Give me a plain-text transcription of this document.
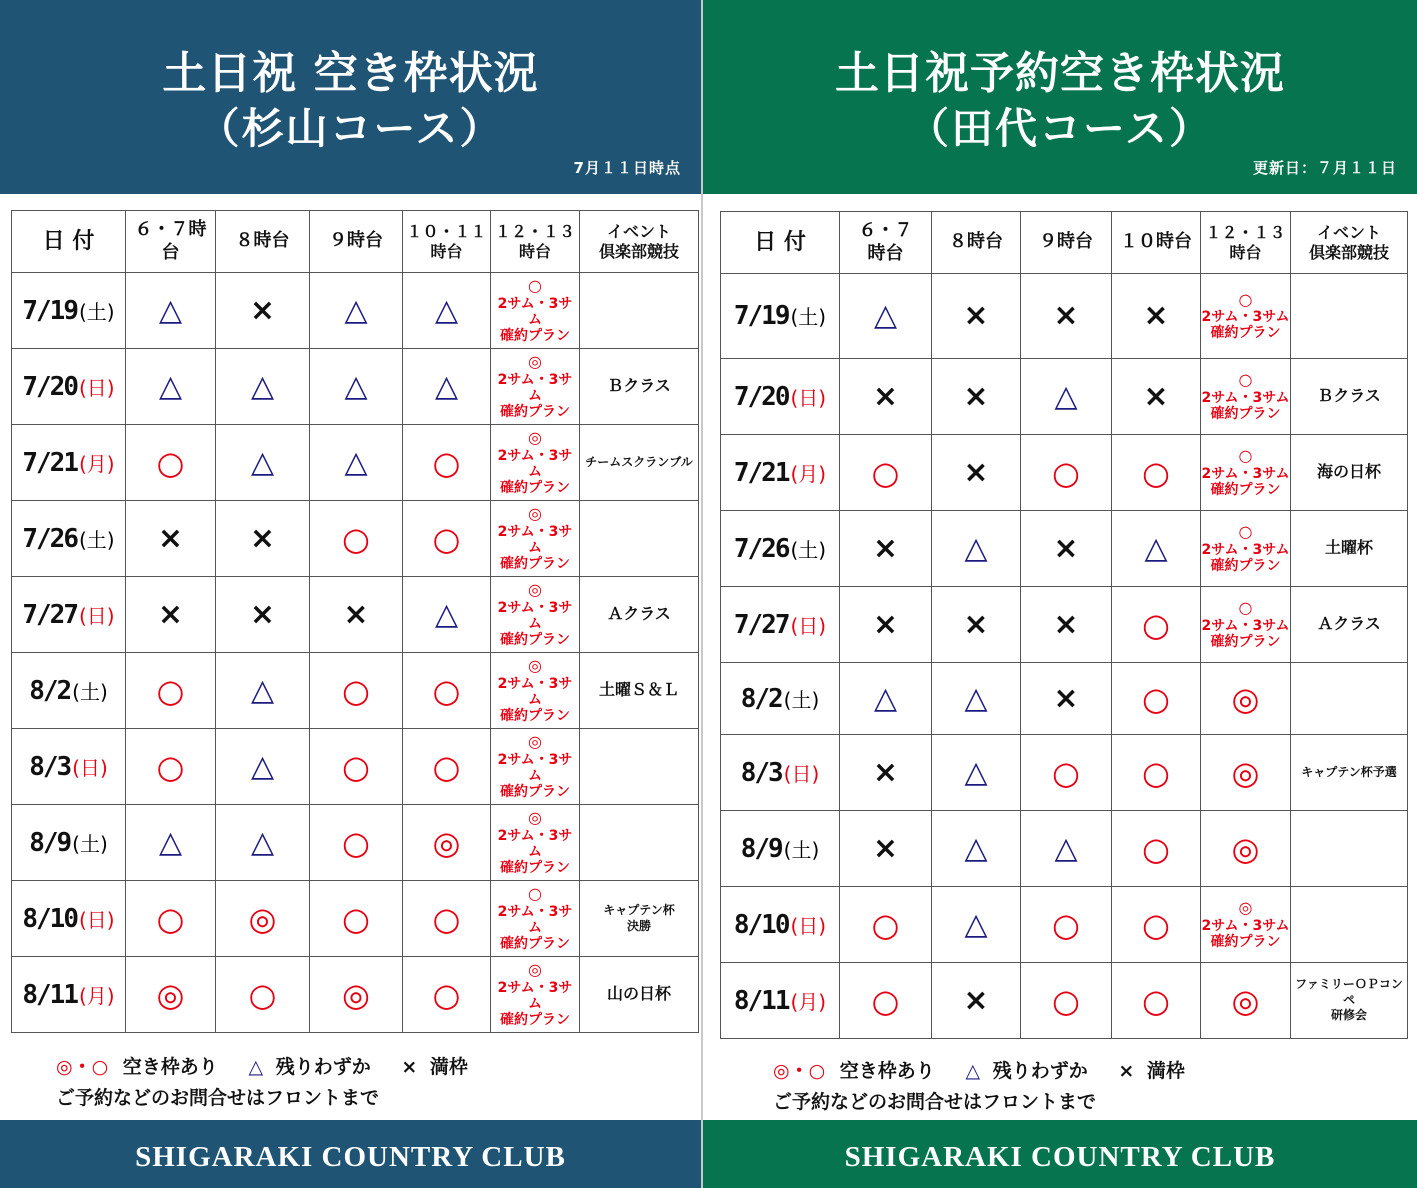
土日祝 空き枠状況
（杉山コース）
7月１１日時点
日 付	６・７時台	８時台	９時台	１０・１１
時台	１２・１３
時台	イベント
倶楽部競技
7/19 (土)	△	×	△	△	○
2サム・3サム
確約プラン	

7/20 (日)	△	△	△	△	◎
2サム・3サム
確約プラン	Ｂクラス
7/21 (月)	○	△	△	○	◎
2サム・3サム
確約プラン	チームスクランブル
7/26 (土)	×	×	○	○	◎
2サム・3サム
確約プラン	

7/27 (日)	×	×	×	△	◎
2サム・3サム
確約プラン	Ａクラス
8/2 (土)	○	△	○	○	◎
2サム・3サム
確約プラン	土曜Ｓ＆Ｌ
8/3 (日)	○	△	○	○	◎
2サム・3サム
確約プラン	

8/9 (土)	△	△	○	◎	◎
2サム・3サム
確約プラン	

8/10 (日)	○	◎	○	○	○
2サム・3サム
確約プラン	キャプテン杯
決勝
8/11 (月)	◎	○	◎	○	◎
2サム・3サム
確約プラン	山の日杯
◎・○ 空き枠あり △ 残りわずか × 満枠
ご予約などのお問合せはフロントまで
SHIGARAKI COUNTRY CLUB
土日祝予約空き枠状況
（田代コース）
更新日：７月１１日
日 付	６・７
時台	８時台	９時台	１０時台	１２・１３
時台	イベント
倶楽部競技
7/19 (土)	△	×	×	×	○
2サム・3サム
確約プラン	

7/20 (日)	×	×	△	×	○
2サム・3サム
確約プラン	Ｂクラス
7/21 (月)	○	×	○	○	○
2サム・3サム
確約プラン	海の日杯
7/26 (土)	×	△	×	△	○
2サム・3サム
確約プラン	土曜杯
7/27 (日)	×	×	×	○	○
2サム・3サム
確約プラン	Ａクラス
8/2 (土)	△	△	×	○	◎	
8/3 (日)	×	△	○	○	◎	キャプテン杯予選
8/9 (土)	×	△	△	○	◎	
8/10 (日)	○	△	○	○	◎
2サム・3サム
確約プラン	

8/11 (月)	○	×	○	○	◎	ファミリーＯＰコンペ
研修会
◎・○ 空き枠あり △ 残りわずか × 満枠
ご予約などのお問合せはフロントまで
SHIGARAKI COUNTRY CLUB
